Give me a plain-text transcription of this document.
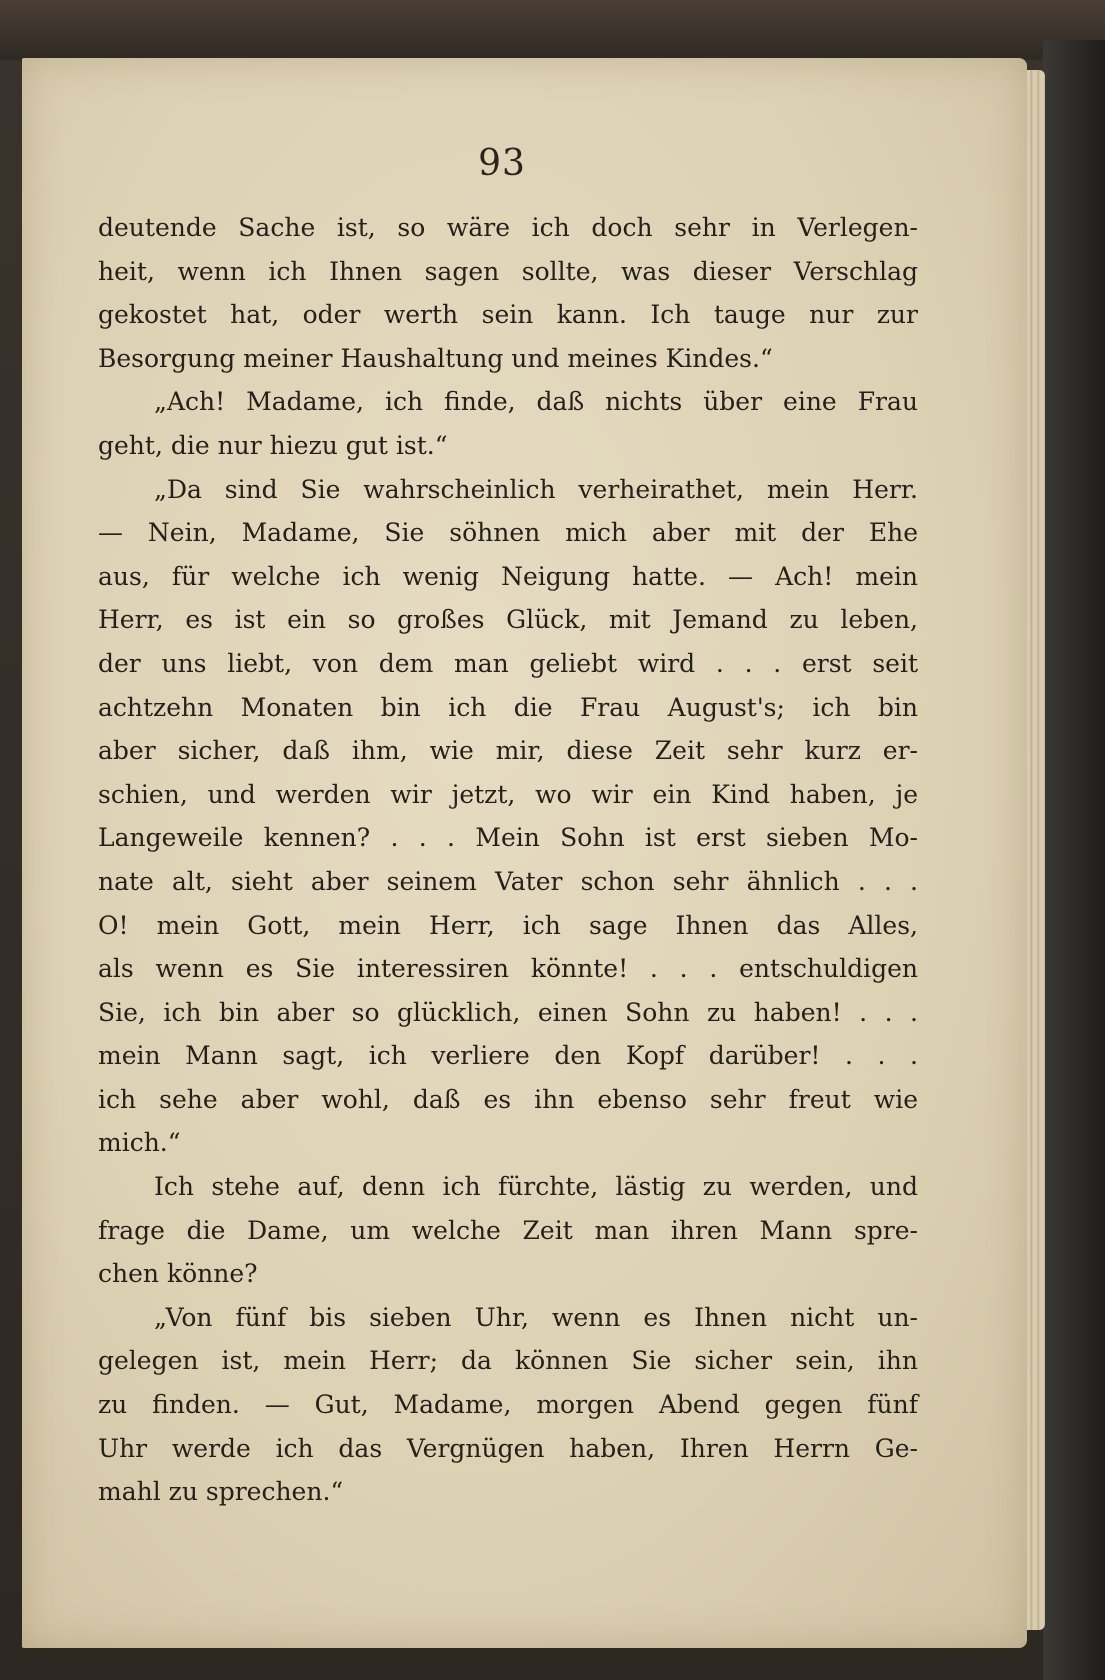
93
deutende Sache ist, so wäre ich doch sehr in Verlegen-
heit, wenn ich Ihnen sagen sollte, was dieser Verschlag
gekostet hat, oder werth sein kann. Ich tauge nur zur
Besorgung meiner Haushaltung und meines Kindes.“
„Ach! Madame, ich finde, daß nichts über eine Frau
geht, die nur hiezu gut ist.“
„Da sind Sie wahrscheinlich verheirathet, mein Herr.
— Nein, Madame, Sie söhnen mich aber mit der Ehe
aus, für welche ich wenig Neigung hatte. — Ach! mein
Herr, es ist ein so großes Glück, mit Jemand zu leben,
der uns liebt, von dem man geliebt wird . . . erst seit
achtzehn Monaten bin ich die Frau August's; ich bin
aber sicher, daß ihm, wie mir, diese Zeit sehr kurz er-
schien, und werden wir jetzt, wo wir ein Kind haben, je
Langeweile kennen? . . . Mein Sohn ist erst sieben Mo-
nate alt, sieht aber seinem Vater schon sehr ähnlich . . .
O! mein Gott, mein Herr, ich sage Ihnen das Alles,
als wenn es Sie interessiren könnte! . . . entschuldigen
Sie, ich bin aber so glücklich, einen Sohn zu haben! . . .
mein Mann sagt, ich verliere den Kopf darüber! . . .
ich sehe aber wohl, daß es ihn ebenso sehr freut wie
mich.“
Ich stehe auf, denn ich fürchte, lästig zu werden, und
frage die Dame, um welche Zeit man ihren Mann spre-
chen könne?
„Von fünf bis sieben Uhr, wenn es Ihnen nicht un-
gelegen ist, mein Herr; da können Sie sicher sein, ihn
zu finden. — Gut, Madame, morgen Abend gegen fünf
Uhr werde ich das Vergnügen haben, Ihren Herrn Ge-
mahl zu sprechen.“
